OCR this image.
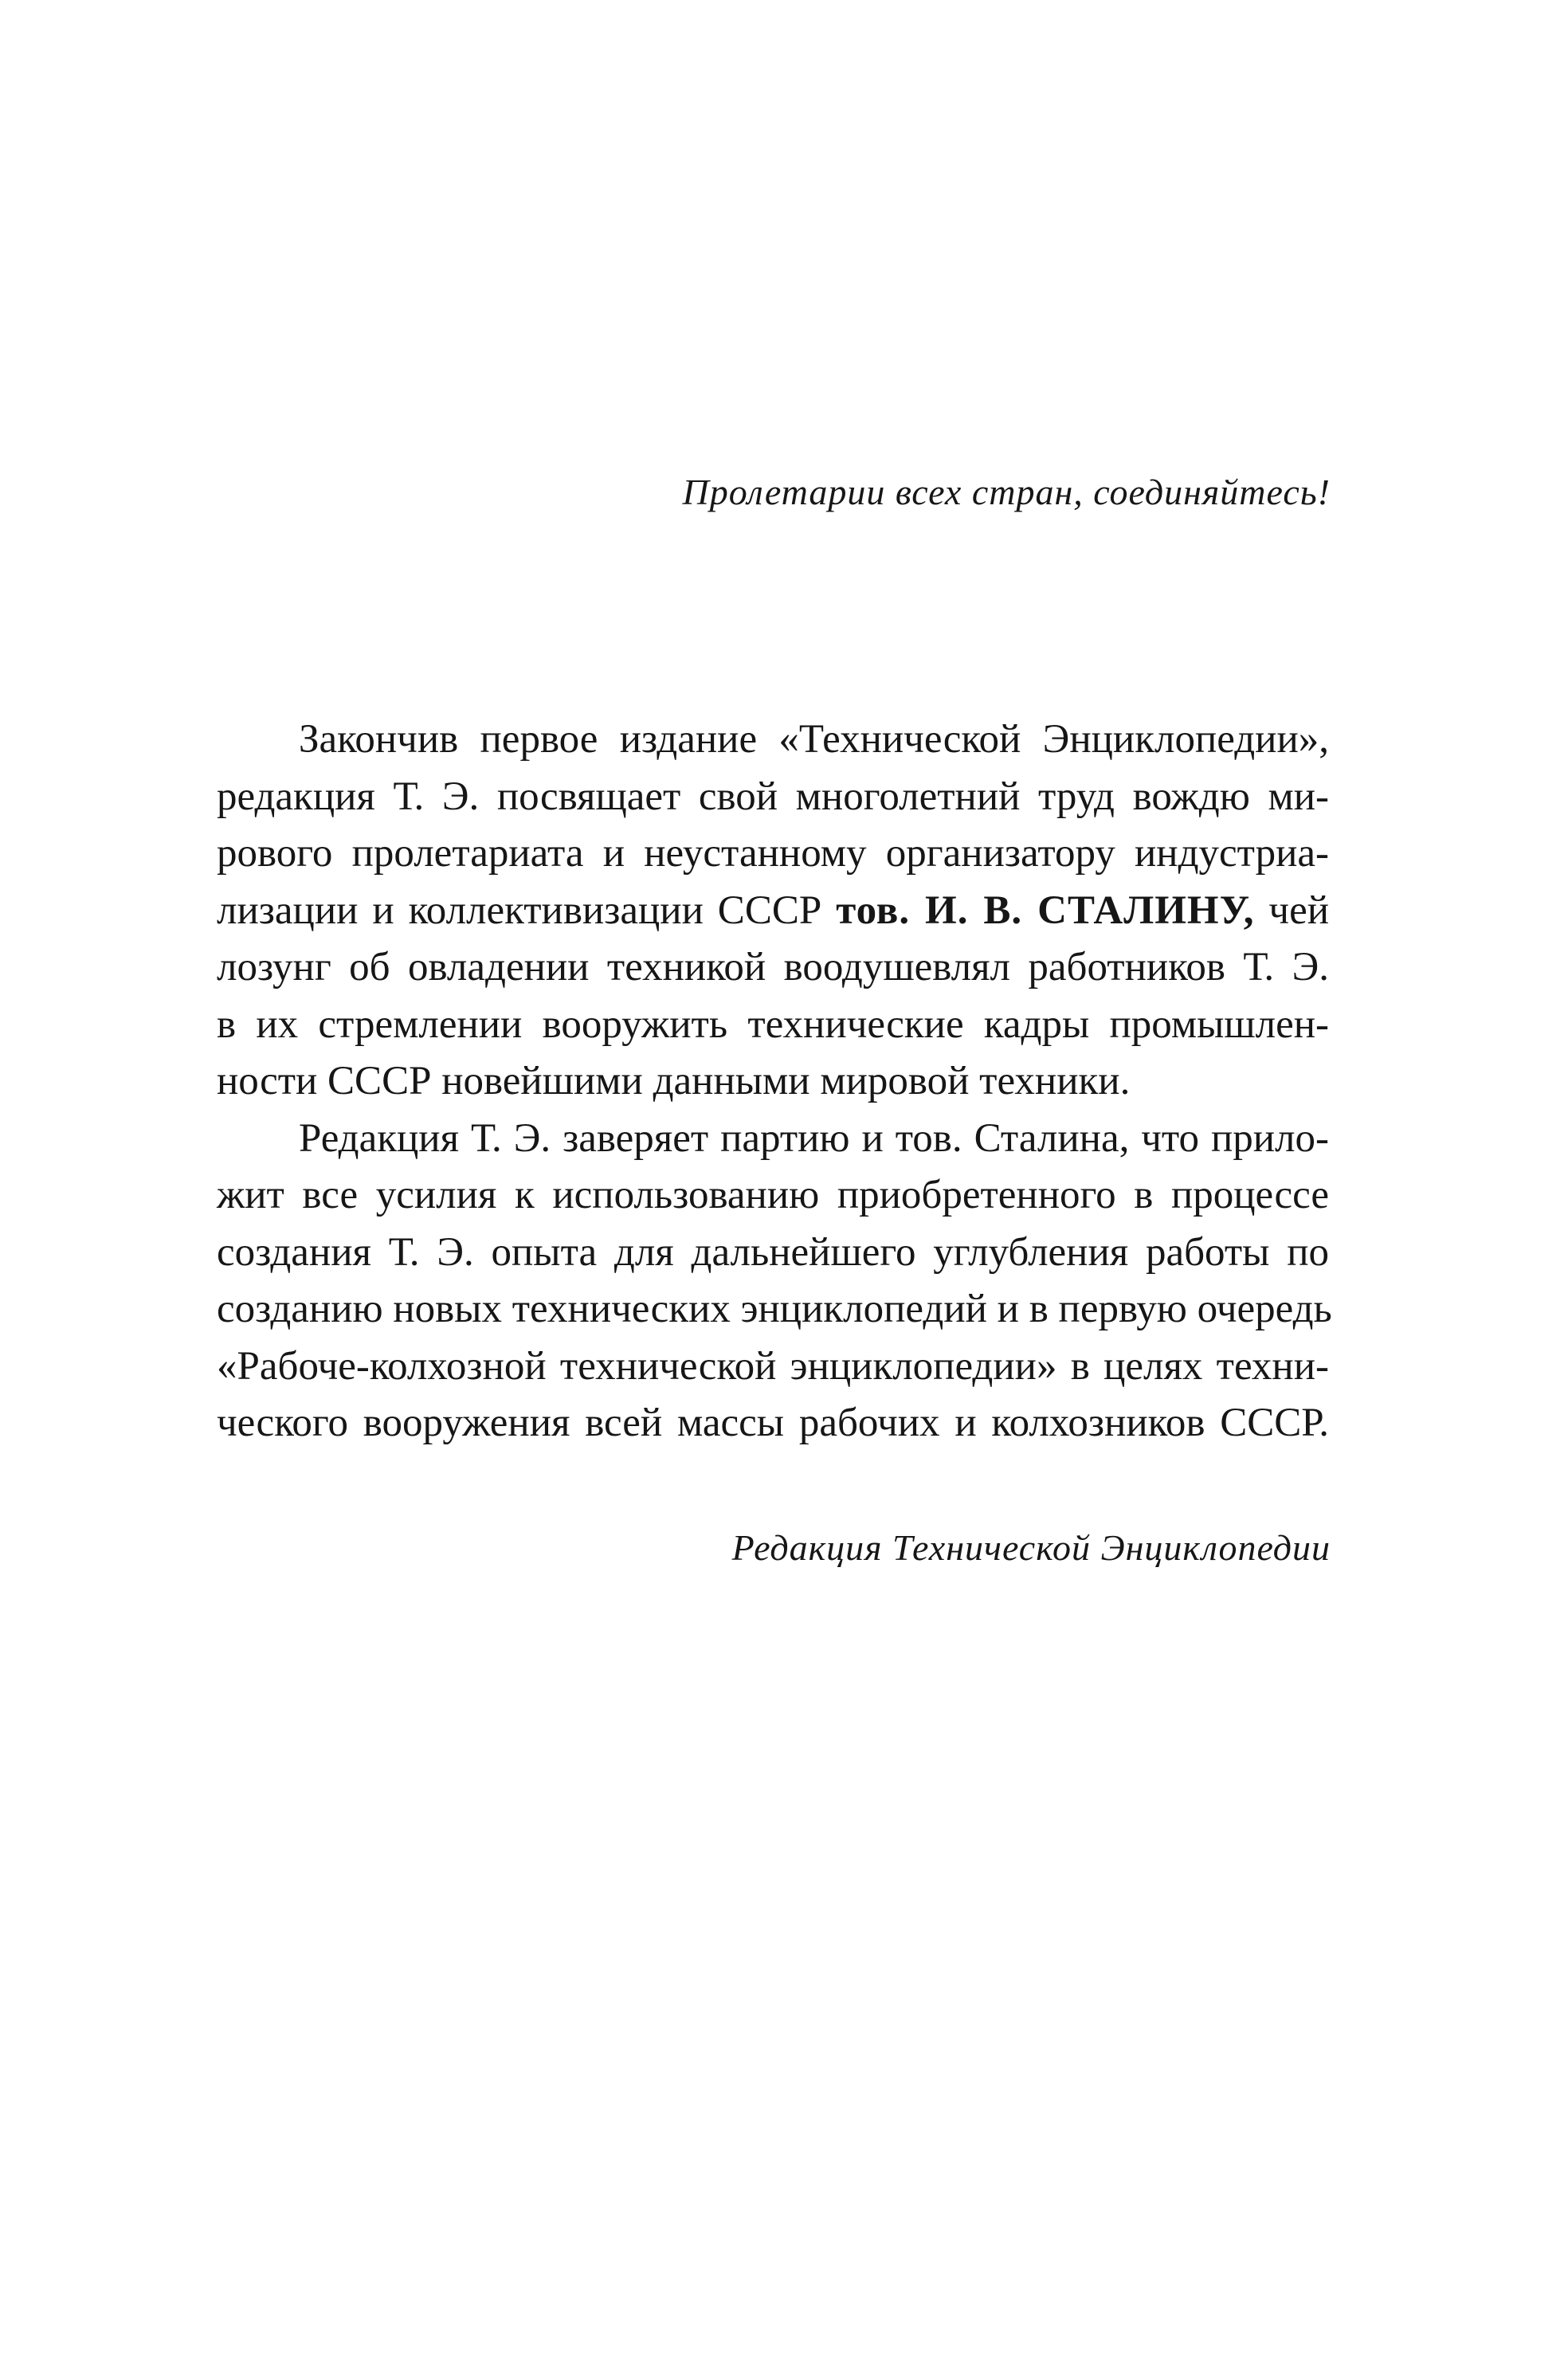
Пролетарии всех стран, соединяйтесь!
Закончив первое издание «Технической Энциклопедии»,
редакция Т. Э. посвящает свой многолетний труд вождю ми-
рового пролетариата и неустанному организатору индустриа-
лизации и коллективизации СССР тов. И. В. СТАЛИНУ, чей
лозунг об овладении техникой воодушевлял работников Т. Э.
в их стремлении вооружить технические кадры промышлен-
ности СССР новейшими данными мировой техники.
Редакция Т. Э. заверяет партию и тов. Сталина, что прило-
жит все усилия к использованию приобретенного в процессе
создания Т. Э. опыта для дальнейшего углубления работы по
созданию новых технических энциклопедий и в первую очередь
«Рабоче-колхозной технической энциклопедии» в целях техни-
ческого вооружения всей массы рабочих и колхозников СССР.
Редакция Технической Энциклопедии
